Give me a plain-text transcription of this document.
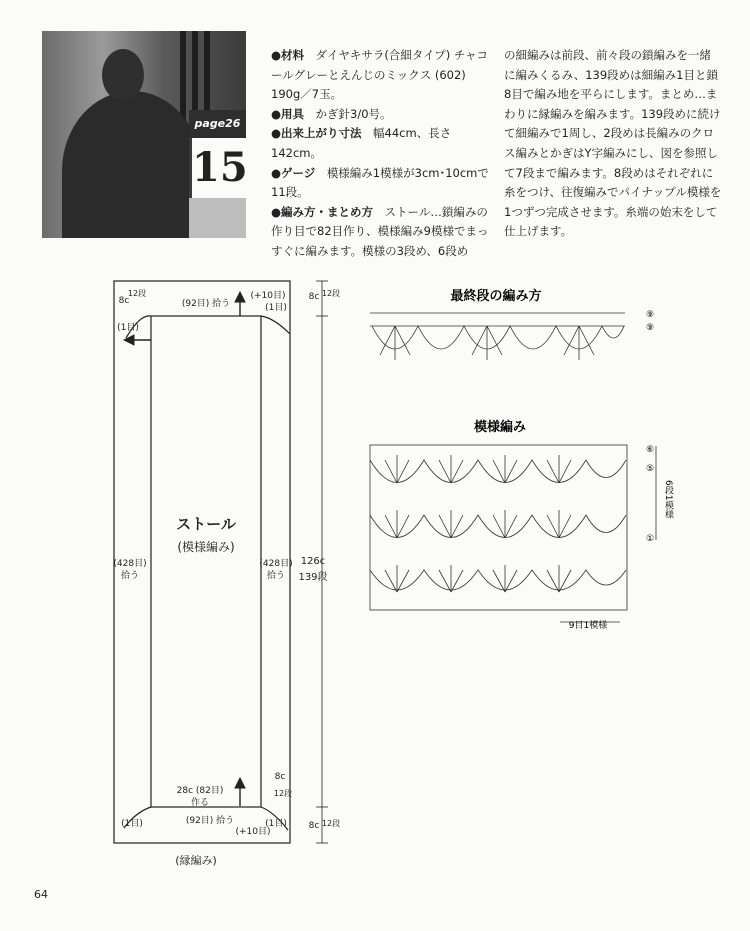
page26
15

●材料　 ダイヤキサラ(合細タイプ) チャコールグレーとえんじのミックス (602) 190g／7玉。

●用具　 かぎ針3/0号。

●出来上がり寸法　 幅44cm、長さ142cm。

●ゲージ　 模様編み1模様が3cm･10cmで11段。

●編み方・まとめ方　 ストール…鎖編みの作り目で82目作り、模様編み9模様でまっすぐに編みます。模様の3段め、6段め

の細編みは前段、前々段の鎖編みを一緒に編みくるみ、139段めは細編み1目と鎖8目で編み地を平らにします。まとめ…まわりに縁編みを編みます。139段めに続けて細編みで1周し、2段めは長編みのクロス編みとかぎはY字編みにし、図を参照して7段まで編みます。8段めはそれぞれに糸をつけ、往復編みでパイナップル模様を1つずつ完成させます。糸端の始末をして仕上げます。

ストール
(模様編み)
(92目) 拾う
(+10目)
(1目)
(1目)
(428目)
拾う
(428目)
拾う
28c (82目)
作る
(92目) 拾う
(+10目)
(1目)	(1目)
(縁編み)
8c	8c
8c
8c
126c
139段
12段	12段
12段
12段
最終段の編み方
⑨
⑨
模様編み
⑥
⑤
①
6段1模様
9目1模様
64
